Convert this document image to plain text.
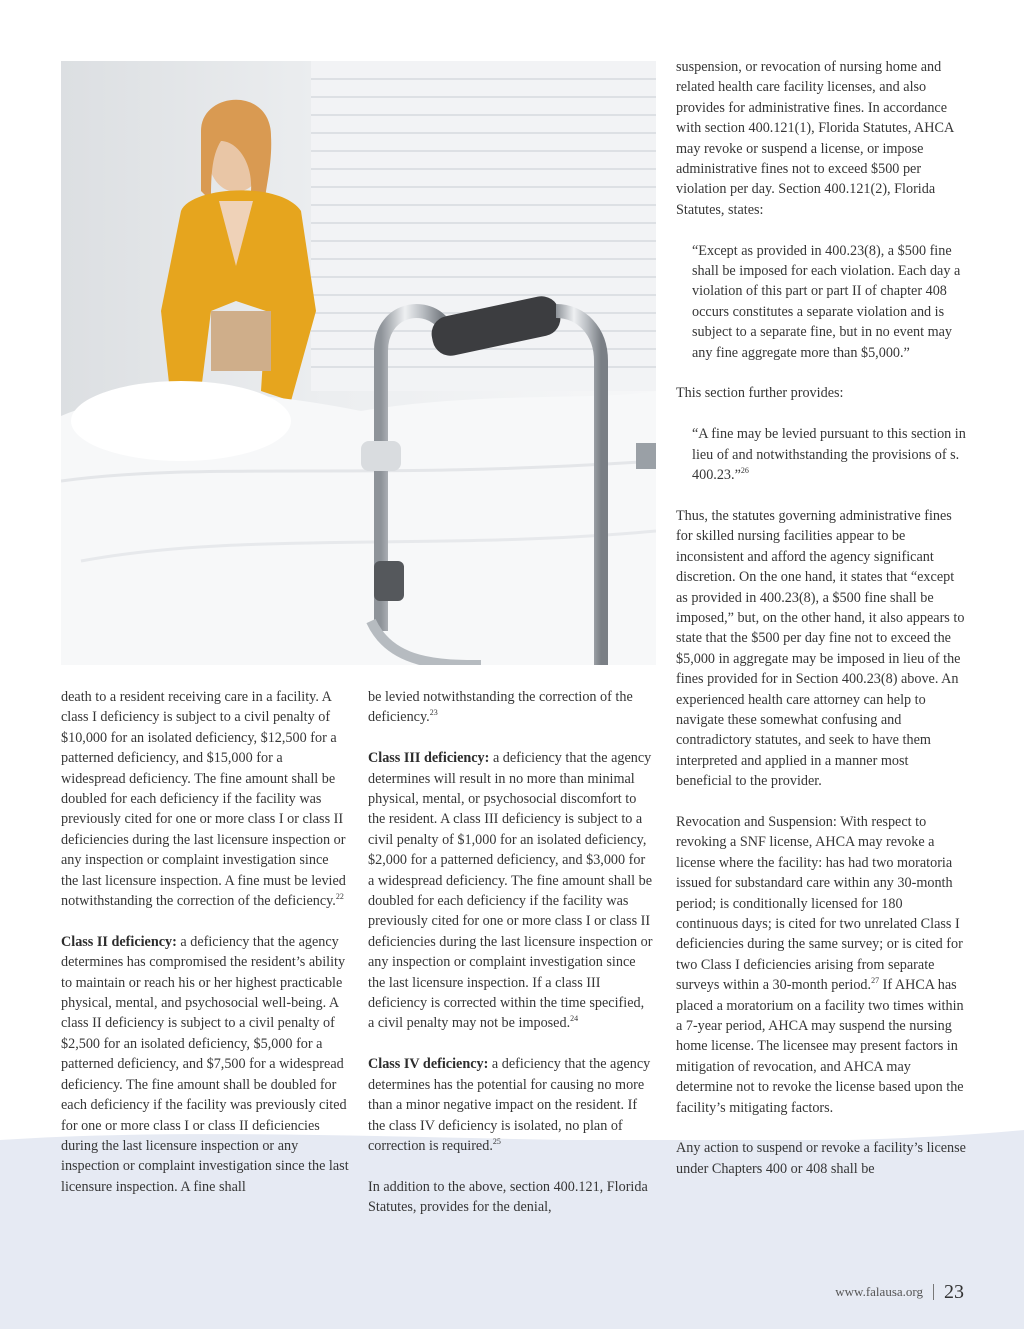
death to a resident receiving care in a facility. A class I deficiency is subject to a civil penalty of $10,000 for an isolated deficiency, $12,500 for a patterned deficiency, and $15,000 for a widespread deficiency. The fine amount shall be doubled for each deficiency if the facility was previously cited for one or more class I or class II deficiencies during the last licensure inspection or any inspection or complaint investigation since the last licensure inspection. A fine must be levied notwithstanding the correction of the deficiency.$^{22}$

Class II deficiency: a deficiency that the agency determines has compromised the resident’s ability to maintain or reach his or her highest practicable physical, mental, and psychosocial well-being. A class II deficiency is subject to a civil penalty of $2,500 for an isolated deficiency, $5,000 for a patterned deficiency, and $7,500 for a widespread deficiency. The fine amount shall be doubled for each deficiency if the facility was previously cited for one or more class I or class II deficiencies during the last licensure inspection or any inspection or complaint investigation since the last licensure inspection. A fine shall

be levied notwithstanding the correction of the deficiency.$^{23}$

Class III deficiency: a deficiency that the agency determines will result in no more than minimal physical, mental, or psychosocial discomfort to the resident. A class III deficiency is subject to a civil penalty of $1,000 for an isolated deficiency, $2,000 for a patterned deficiency, and $3,000 for a widespread deficiency. The fine amount shall be doubled for each deficiency if the facility was previously cited for one or more class I or class II deficiencies during the last licensure inspection or any inspection or complaint investigation since the last licensure inspection. If a class III deficiency is corrected within the time specified, a civil penalty may not be imposed.$^{24}$

Class IV deficiency: a deficiency that the agency determines has the potential for causing no more than a minor negative impact on the resident. If the class IV deficiency is isolated, no plan of correction is required.$^{25}$

In addition to the above, section 400.121, Florida Statutes, provides for the denial,

suspension, or revocation of nursing home and related health care facility licenses, and also provides for administrative fines. In accordance with section 400.121(1), Florida Statutes, AHCA may revoke or suspend a license, or impose administrative fines not to exceed $500 per violation per day. Section 400.121(2), Florida Statutes, states:

“Except as provided in 400.23(8), a $500 fine shall be imposed for each violation. Each day a violation of this part or part II of chapter 408 occurs constitutes a separate violation and is subject to a separate fine, but in no event may any fine aggregate more than $5,000.”

This section further provides:

“A fine may be levied pursuant to this section in lieu of and notwithstanding the provisions of s. 400.23.”$^{26}$

Thus, the statutes governing administrative fines for skilled nursing facilities appear to be inconsistent and afford the agency significant discretion. On the one hand, it states that “except as provided in 400.23(8), a $500 fine shall be imposed,” but, on the other hand, it also appears to state that the $500 per day fine not to exceed the $5,000 in aggregate may be imposed in lieu of the fines provided for in Section 400.23(8) above. An experienced health care attorney can help to navigate these somewhat confusing and contradictory statutes, and seek to have them interpreted and applied in a manner most beneficial to the provider.

Revocation and Suspension: With respect to revoking a SNF license, AHCA may revoke a license where the facility: has had two moratoria issued for substandard care within any 30-month period; is conditionally licensed for 180 continuous days; is cited for two unrelated Class I deficiencies during the same survey; or is cited for two Class I deficiencies arising from separate surveys within a 30-month period.$^{27}$ If AHCA has placed a moratorium on a facility two times within a 7-year period, AHCA may suspend the nursing home license. The licensee may present factors in mitigation of revocation, and AHCA may determine not to revoke the license based upon the facility’s mitigating factors.

Any action to suspend or revoke a facility’s license under Chapters 400 or 408 shall be

www.falausa.org 23
